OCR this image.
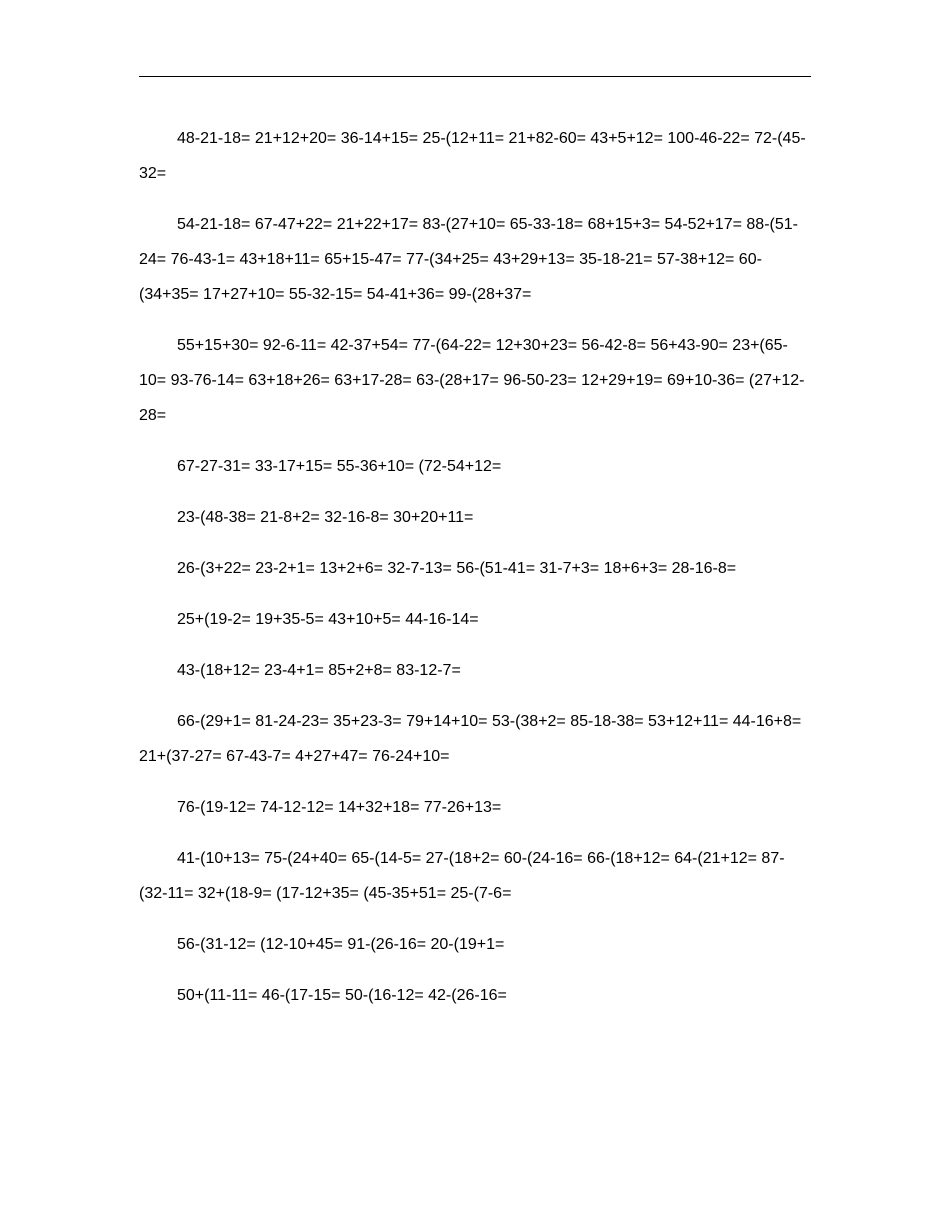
48-21-18= 21+12+20= 36-14+15= 25-(12+11= 21+82-60= 43+5+12= 100-46-22= 72-(45-32=

54-21-18= 67-47+22= 21+22+17= 83-(27+10= 65-33-18= 68+15+3= 54-52+17= 88-(51-24= 76-43-1= 43+18+11= 65+15-47= 77-(34+25= 43+29+13= 35-18-21= 57-38+12= 60-(34+35= 17+27+10= 55-32-15= 54-41+36= 99-(28+37=

55+15+30= 92-6-11= 42-37+54= 77-(64-22= 12+30+23= 56-42-8= 56+43-90= 23+(65-10= 93-76-14= 63+18+26= 63+17-28= 63-(28+17= 96-50-23= 12+29+19= 69+10-36= (27+12-28=

67-27-31= 33-17+15= 55-36+10= (72-54+12=

23-(48-38= 21-8+2= 32-16-8= 30+20+11=

26-(3+22= 23-2+1= 13+2+6= 32-7-13= 56-(51-41= 31-7+3= 18+6+3= 28-16-8=

25+(19-2= 19+35-5= 43+10+5= 44-16-14=

43-(18+12= 23-4+1= 85+2+8= 83-12-7=

66-(29+1= 81-24-23= 35+23-3= 79+14+10= 53-(38+2= 85-18-38= 53+12+11= 44-16+8= 21+(37-27= 67-43-7= 4+27+47= 76-24+10=

76-(19-12= 74-12-12= 14+32+18= 77-26+13=

41-(10+13= 75-(24+40= 65-(14-5= 27-(18+2= 60-(24-16= 66-(18+12= 64-(21+12= 87-(32-11= 32+(18-9= (17-12+35= (45-35+51= 25-(7-6=

56-(31-12= (12-10+45= 91-(26-16= 20-(19+1=

50+(11-11= 46-(17-15= 50-(16-12= 42-(26-16=
